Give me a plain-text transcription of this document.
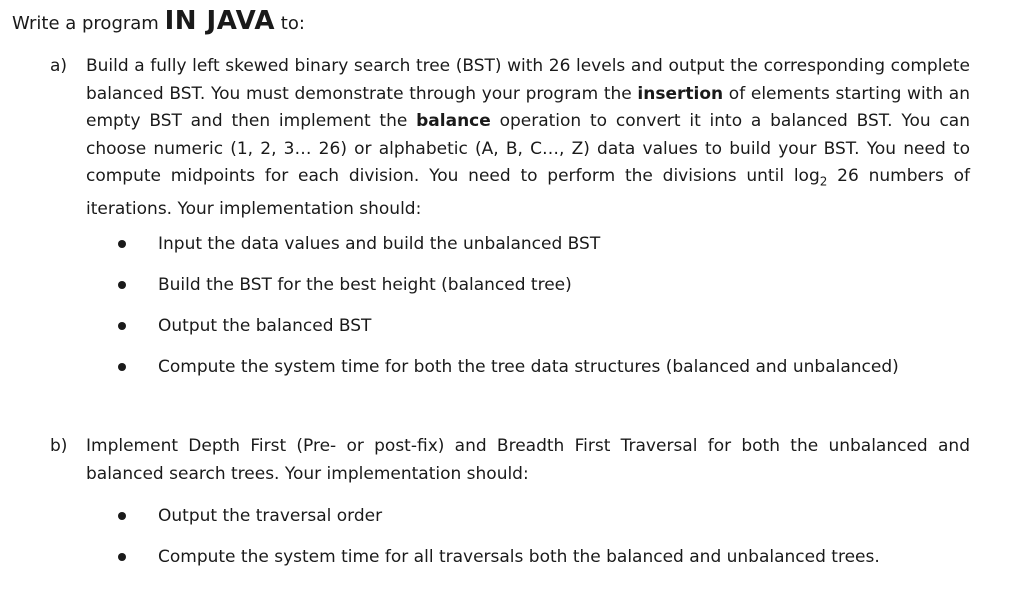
Write a program IN JAVA to:
a) Build a fully left skewed binary search tree (BST) with 26 levels and output the corresponding complete balanced BST. You must demonstrate through your program the insertion of elements starting with an empty BST and then implement the balance operation to convert it into a balanced BST. You can choose numeric (1, 2, 3… 26) or alphabetic (A, B, C…, Z) data values to build your BST. You need to compute midpoints for each division. You need to perform the divisions until $\log_2 26$ numbers of iterations. Your implementation should:

Input the data values and build the unbalanced BST
Build the BST for the best height (balanced tree)
Output the balanced BST
Compute the system time for both the tree data structures (balanced and unbalanced)
b) Implement Depth First (Pre- or post-fix) and Breadth First Traversal for both the unbalanced and balanced search trees. Your implementation should:

Output the traversal order
Compute the system time for all traversals both the balanced and unbalanced trees.
